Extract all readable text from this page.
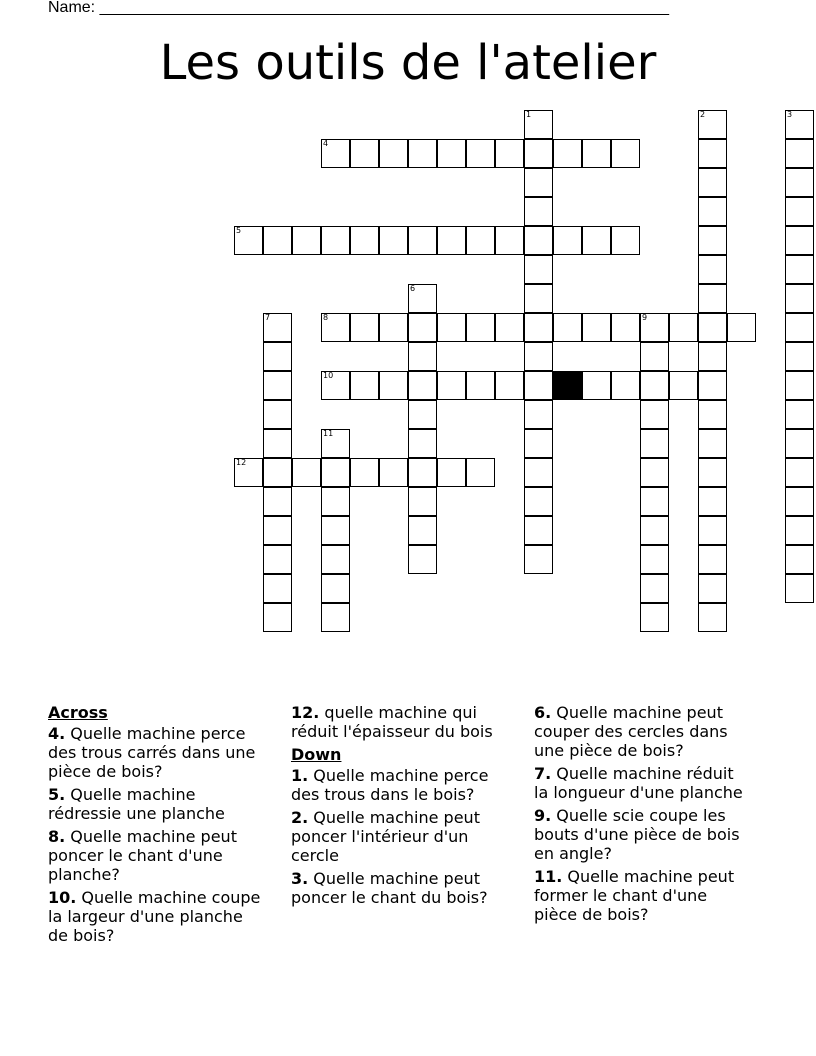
Name: ________________________________________________________________
Les outils de l'atelier
1	2	3
4
5
6
7	8	9
10
11
12
Across
4. Quelle machine perce des trous carrés dans une pièce de bois?
5. Quelle machine rédressie une planche
8. Quelle machine peut poncer le chant d'une planche?
10. Quelle machine coupe la largeur d'une planche de bois?
12. quelle machine qui réduit l'épaisseur du bois
Down
1. Quelle machine perce des trous dans le bois?
2. Quelle machine peut poncer l'intérieur d'un cercle
3. Quelle machine peut poncer le chant du bois?
6. Quelle machine peut couper des cercles dans une pièce de bois?
7. Quelle machine réduit la longueur d'une planche
9. Quelle scie coupe les bouts d'une pièce de bois en angle?
11. Quelle machine peut former le chant d'une pièce de bois?
